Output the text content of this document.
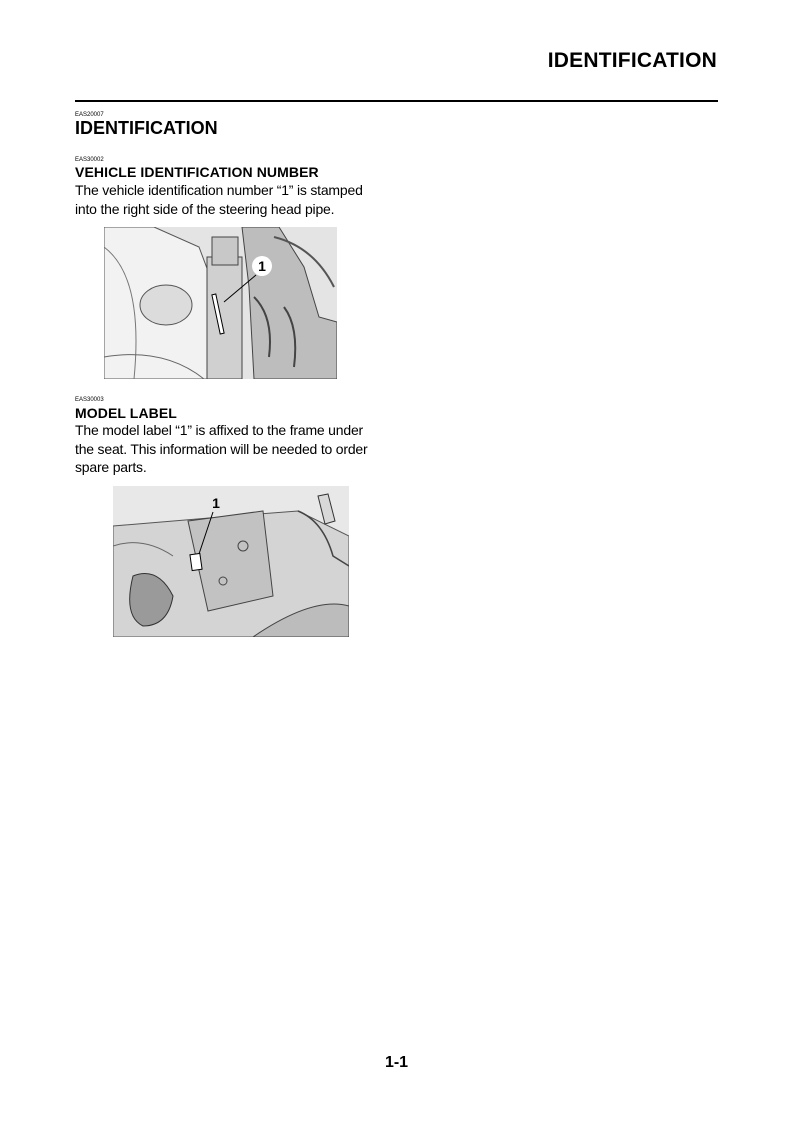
IDENTIFICATION
EAS20007
IDENTIFICATION
EAS30002
VEHICLE IDENTIFICATION NUMBER
The vehicle identification number “1” is stamped into the right side of the steering head pipe.
1
EAS30003
MODEL LABEL
The model label “1” is affixed to the frame under the seat. This information will be needed to order spare parts.
1
1-1
